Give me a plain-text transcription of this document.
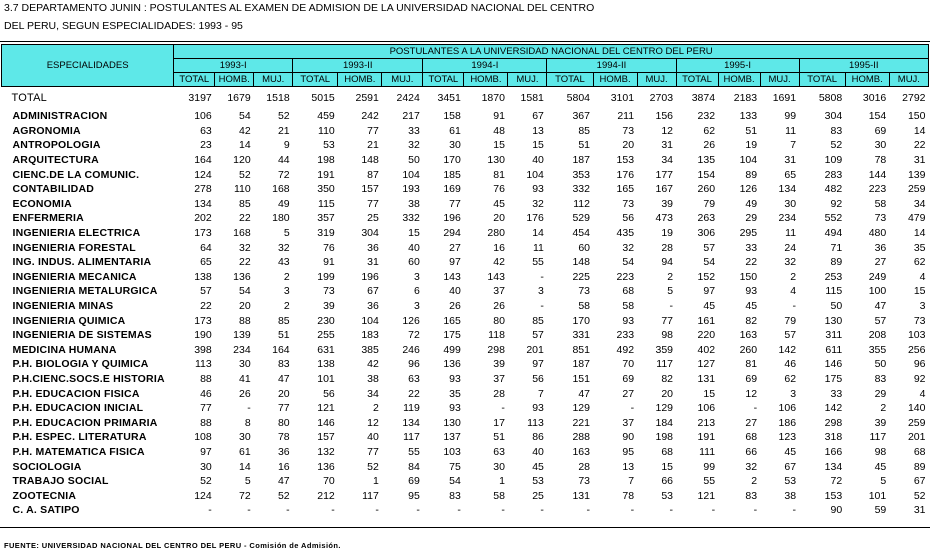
3.7 DEPARTAMENTO JUNIN : POSTULANTES AL EXAMEN DE ADMISION DE LA UNIVERSIDAD NACIONAL DEL CENTRO
DEL PERU, SEGUN ESPECIALIDADES: 1993 - 95
ESPECIALIDADES	POSTULANTES A LA UNIVERSIDAD NACIONAL DEL CENTRO DEL PERU																	
	1993-I			1993-II			1994-I			1994-II			1995-I			1995-II		
	TOTAL	HOMB.	MUJ.	TOTAL	HOMB.	MUJ.	TOTAL	HOMB.	MUJ.	TOTAL	HOMB.	MUJ.	TOTAL	HOMB.	MUJ.	TOTAL	HOMB.	MUJ.
TOTAL	3197	1679	1518	5015	2591	2424	3451	1870	1581	5804	3101	2703	3874	2183	1691	5808	3016	2792
ADMINISTRACION	106	54	52	459	242	217	158	91	67	367	211	156	232	133	99	304	154	150
AGRONOMIA	63	42	21	110	77	33	61	48	13	85	73	12	62	51	11	83	69	14
ANTROPOLOGIA	23	14	9	53	21	32	30	15	15	51	20	31	26	19	7	52	30	22
ARQUITECTURA	164	120	44	198	148	50	170	130	40	187	153	34	135	104	31	109	78	31
CIENC.DE LA COMUNIC.	124	52	72	191	87	104	185	81	104	353	176	177	154	89	65	283	144	139
CONTABILIDAD	278	110	168	350	157	193	169	76	93	332	165	167	260	126	134	482	223	259
ECONOMIA	134	85	49	115	77	38	77	45	32	112	73	39	79	49	30	92	58	34
ENFERMERIA	202	22	180	357	25	332	196	20	176	529	56	473	263	29	234	552	73	479
INGENIERIA ELECTRICA	173	168	5	319	304	15	294	280	14	454	435	19	306	295	11	494	480	14
INGENIERIA FORESTAL	64	32	32	76	36	40	27	16	11	60	32	28	57	33	24	71	36	35
ING. INDUS. ALIMENTARIA	65	22	43	91	31	60	97	42	55	148	54	94	54	22	32	89	27	62
INGENIERIA MECANICA	138	136	2	199	196	3	143	143	-	225	223	2	152	150	2	253	249	4
INGENIERIA METALURGICA	57	54	3	73	67	6	40	37	3	73	68	5	97	93	4	115	100	15
INGENIERIA MINAS	22	20	2	39	36	3	26	26	-	58	58	-	45	45	-	50	47	3
INGENIERIA QUIMICA	173	88	85	230	104	126	165	80	85	170	93	77	161	82	79	130	57	73
INGENIERIA DE SISTEMAS	190	139	51	255	183	72	175	118	57	331	233	98	220	163	57	311	208	103
MEDICINA HUMANA	398	234	164	631	385	246	499	298	201	851	492	359	402	260	142	611	355	256
P.H. BIOLOGIA Y QUIMICA	113	30	83	138	42	96	136	39	97	187	70	117	127	81	46	146	50	96
P.H.CIENC.SOCS.E HISTORIA	88	41	47	101	38	63	93	37	56	151	69	82	131	69	62	175	83	92
P.H. EDUCACION FISICA	46	26	20	56	34	22	35	28	7	47	27	20	15	12	3	33	29	4
P.H. EDUCACION INICIAL	77	-	77	121	2	119	93	-	93	129	-	129	106	-	106	142	2	140
P.H. EDUCACION PRIMARIA	88	8	80	146	12	134	130	17	113	221	37	184	213	27	186	298	39	259
P.H. ESPEC. LITERATURA	108	30	78	157	40	117	137	51	86	288	90	198	191	68	123	318	117	201
P.H. MATEMATICA FISICA	97	61	36	132	77	55	103	63	40	163	95	68	111	66	45	166	98	68
SOCIOLOGIA	30	14	16	136	52	84	75	30	45	28	13	15	99	32	67	134	45	89
TRABAJO SOCIAL	52	5	47	70	1	69	54	1	53	73	7	66	55	2	53	72	5	67
ZOOTECNIA	124	72	52	212	117	95	83	58	25	131	78	53	121	83	38	153	101	52
C. A. SATIPO	-	-	-	-	-	-	-	-	-	-	-	-	-	-	-	90	59	31
FUENTE: UNIVERSIDAD NACIONAL DEL CENTRO DEL PERU - Comisión de Admisión.
